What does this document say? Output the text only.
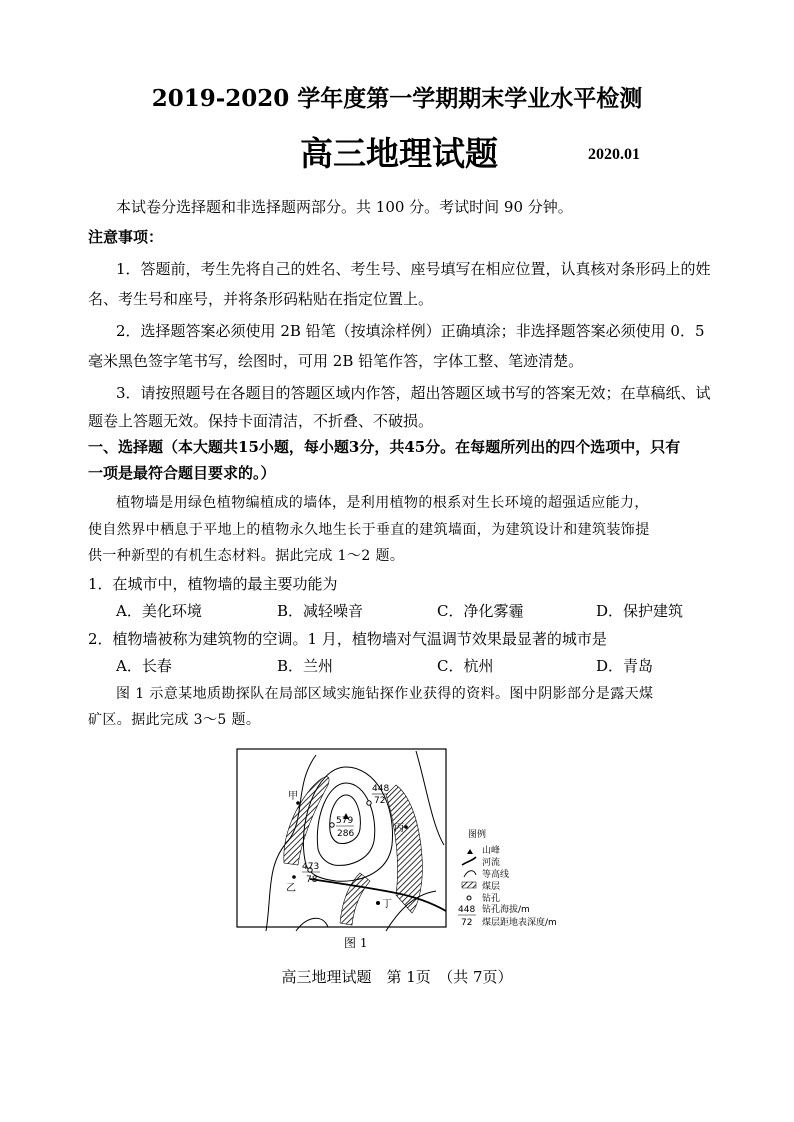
2019-2020 学年度第一学期期末学业水平检测
高三地理试题	2020.01
本试卷分选择题和非选择题两部分。共 100 分。考试时间 90 分钟。
注意事项：
1．答题前，考生先将自己的姓名、考生号、座号填写在相应位置，认真核对条形码上的姓
名、考生号和座号，并将条形码粘贴在指定位置上。
2．选择题答案必须使用 2B 铅笔（按填涂样例）正确填涂；非选择题答案必须使用 0．5
毫米黑色签字笔书写，绘图时，可用 2B 铅笔作答，字体工整、笔迹清楚。
3．请按照题号在各题目的答题区域内作答，超出答题区域书写的答案无效；在草稿纸、试
题卷上答题无效。保持卡面清洁，不折叠、不破损。
一、选择题（本大题共15小题，每小题3分，共45分。在每题所列出的四个选项中，只有
一项是最符合题目要求的。）
植物墙是用绿色植物编植成的墙体，是利用植物的根系对生长环境的超强适应能力，
使自然界中栖息于平地上的植物永久地生长于垂直的建筑墙面，为建筑设计和建筑装饰提
供一种新型的有机生态材料。据此完成 1～2 题。
1．在城市中，植物墙的最主要功能为
A．美化环境	B．减轻噪音	C．净化雾霾	D．保护建筑
2．植物墙被称为建筑物的空调。1 月，植物墙对气温调节效果最显著的城市是
A．长春	B．兰州	C．杭州	D．青岛
图 1 示意某地质勘探队在局部区域实施钻探作业获得的资料。图中阴影部分是露天煤
矿区。据此完成 3～5 题。
448
72
579
286
473
78
甲
乙
丙
丁
图例
山峰
河流
等高线
煤层
钻孔
448 钻孔海拔/m
72 煤层距地表深度/m
图 1
高三地理试题　第 1页　（共 7页）
